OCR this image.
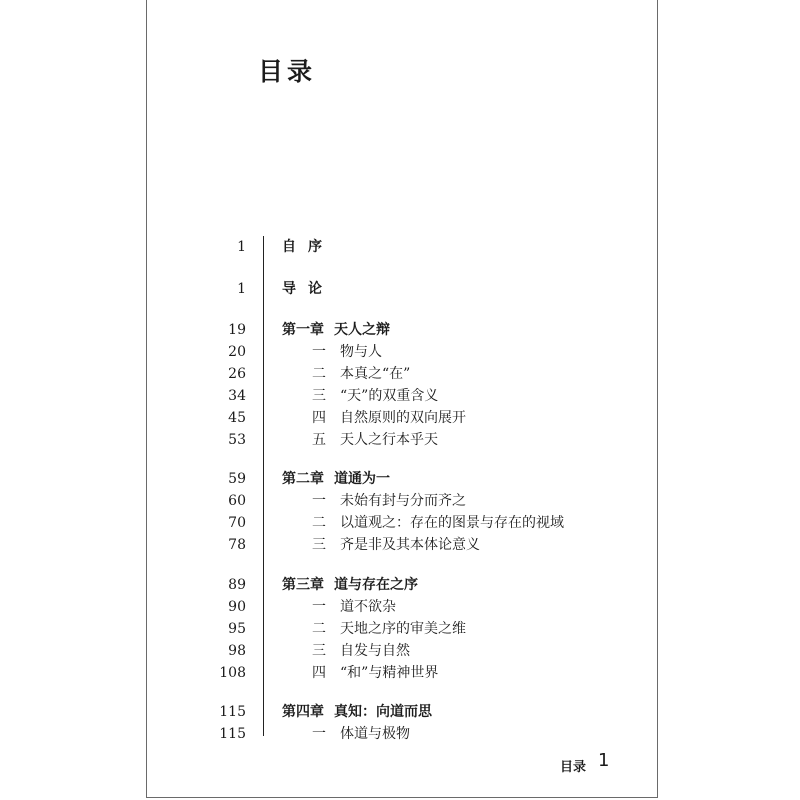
目录
1	自序
1	导论
19	第一章 天人之辩
20	一	物与人
26	二	本真之“在”
34	三	“天”的双重含义
45	四	自然原则的双向展开
53	五	天人之行本乎天
59	第二章 道通为一
60	一	未始有封与分而齐之
70	二	以道观之：存在的图景与存在的视域
78	三	齐是非及其本体论意义
89	第三章 道与存在之序
90	一	道不欲杂
95	二	天地之序的审美之维
98	三	自发与自然
108	四	“和”与精神世界
115	第四章 真知：向道而思
115	一	体道与极物
目录 1
